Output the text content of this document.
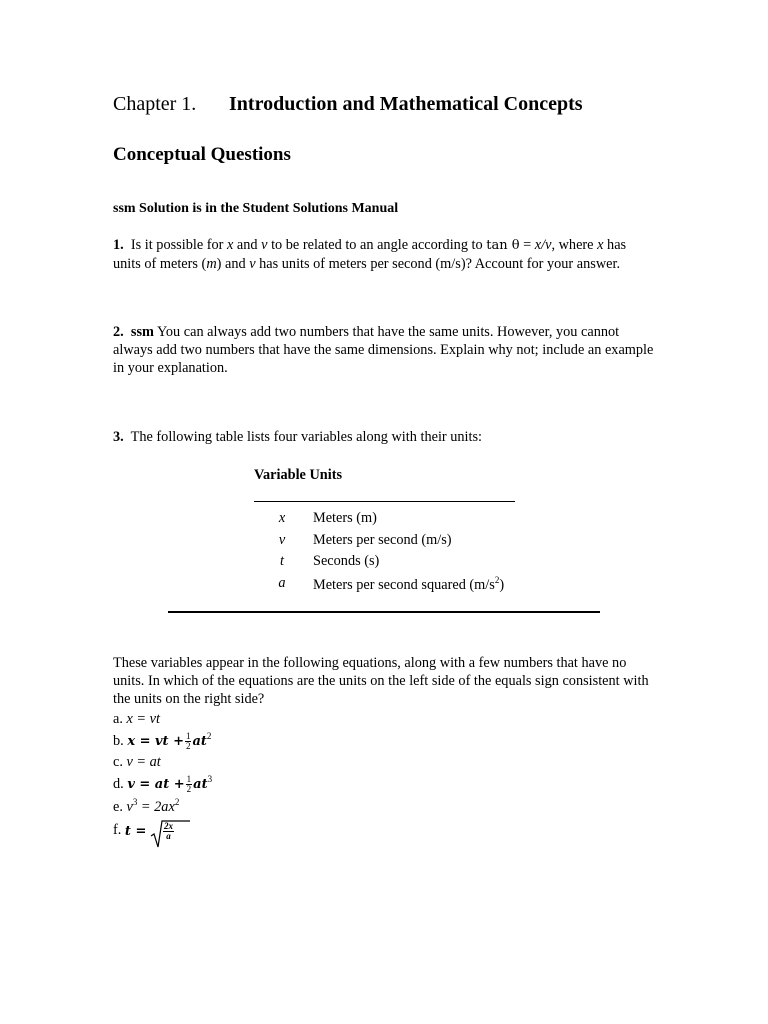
Chapter 1. Introduction and Mathematical Concepts
Conceptual Questions
ssm Solution is in the Student Solutions Manual
1. Is it possible for x and v to be related to an angle according to tan θ = x/v, where x has
units of meters (m) and v has units of meters per second (m/s)? Account for your answer.
2. ssm You can always add two numbers that have the same units. However, you cannot always add two numbers that have the same dimensions. Explain why not; include an example in your explanation.
3. The following table lists four variables along with their units:
Variable Units
x Meters (m)
v Meters per second (m/s)
t Seconds (s)
a Meters per second squared $(m/s^2)$
These variables appear in the following equations, along with a few numbers that have no units. In which of the equations are the units on the left side of the equals sign consistent with the units on the right side?
a. x = vt
b. x = vt + $\frac{1}{2} at^2$
c. v = at
d. v = at + $\frac{1}{2} at^3$
e. $v^3 = 2ax^2$
f. $t = \frac{2x}{a}$
